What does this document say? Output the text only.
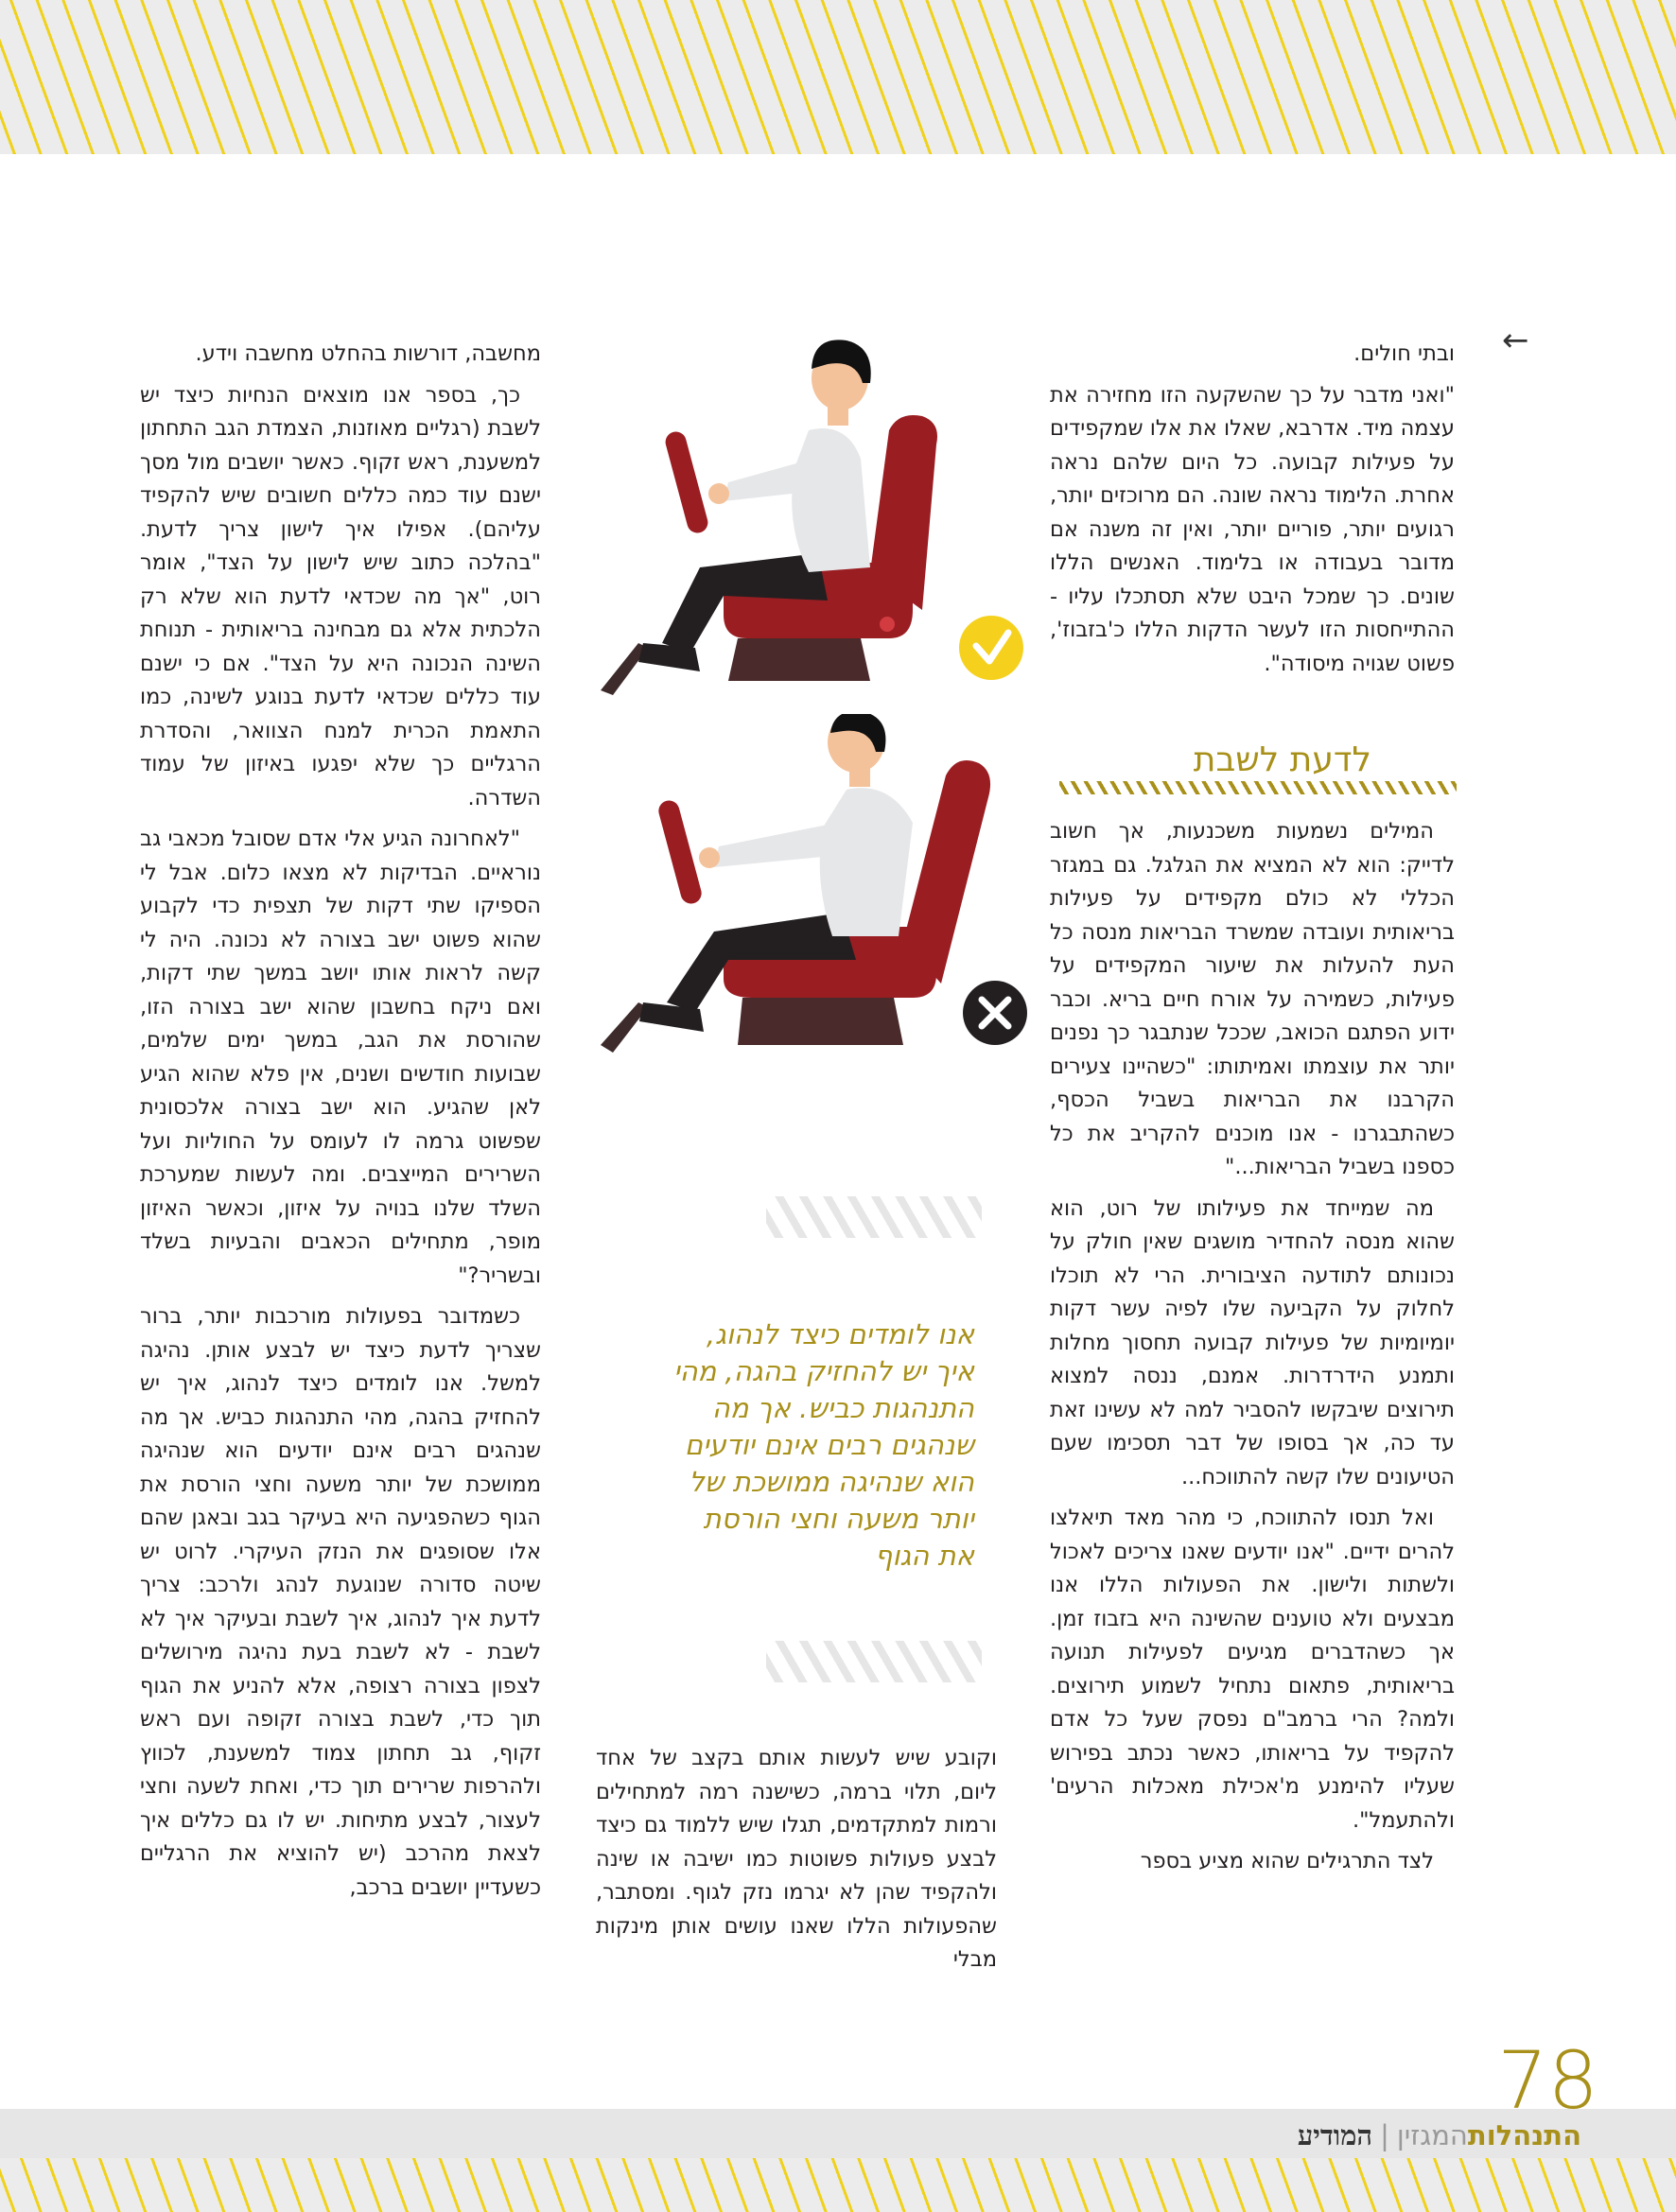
←

ובתי חולים.

"ואני מדבר על כך שהשקעה הזו מחזירה את עצמה מיד. אדרבא, שאלו את אלו שמקפידים על פעילות קבועה. כל היום שלהם נראה אחרת. הלימוד נראה שונה. הם מרוכזים יותר, רגועים יותר, פוריים יותר, ואין זה משנה אם מדובר בעבודה או בלימוד. האנשים הללו שונים. כך שמכל היבט שלא תסתכלו עליו - ההתייחסות הזו לעשר הדקות הללו כ'בזבוז', פשוט שגויה מיסודה".

לדעת לשבת

המילים נשמעות משכנעות, אך חשוב לדייק: הוא לא המציא את הגלגל. גם במגזר הכללי לא כולם מקפידים על פעילות בריאותית ועובדה שמשרד הבריאות מנסה כל העת להעלות את שיעור המקפידים על פעילות, כשמירה על אורח חיים בריא. וכבר ידוע הפתגם הכואב, שככל שנתבגר כך נפנים יותר את עוצמתו ואמיתותו: "כשהיינו צעירים הקרבנו את הבריאות בשביל הכסף, כשהתבגרנו - אנו מוכנים להקריב את כל כספנו בשביל הבריאות..."

מה שמייחד את פעילותו של רוט, הוא שהוא מנסה להחדיר מושגים שאין חולק על נכונותם לתודעה הציבורית. הרי לא תוכלו לחלוק על הקביעה שלו לפיה עשר דקות יומיומיות של פעילות קבועה תחסוך מחלות ותמנע הידרדרות. אמנם, ננסה למצוא תירוצים שיבקשו להסביר למה לא עשינו זאת עד כה, אך בסופו של דבר תסכימו שעם הטיעונים שלו קשה להתווכח...

ואל תנסו להתווכח, כי מהר מאד תיאלצו להרים ידיים. "אנו יודעים שאנו צריכים לאכול ולשתות ולישון. את הפעולות הללו אנו מבצעים ולא טוענים שהשינה היא בזבוז זמן. אך כשהדברים מגיעים לפעילות תנועה בריאותית, פתאום נתחיל לשמוע תירוצים. ולמה? הרי ברמב"ם נפסק שעל כל אדם להקפיד על בריאותו, כאשר נכתב בפירוש שעליו להימנע מ'אכילת מאכלות הרעים' ולהתעמל".

לצד התרגילים שהוא מציע בספר

מחשבה, דורשות בהחלט מחשבה וידע.

כך, בספר אנו מוצאים הנחיות כיצד יש לשבת (רגליים מאוזנות, הצמדת הגב התחתון למשענת, ראש זקוף. כאשר יושבים מול מסך ישנם עוד כמה כללים חשובים שיש להקפיד עליהם). אפילו איך לישון צריך לדעת. "בהלכה כתוב שיש לישון על הצד", אומר רוט, "אך מה שכדאי לדעת הוא שלא רק הלכתית אלא גם מבחינה בריאותית - תנוחת השינה הנכונה היא על הצד". אם כי ישנם עוד כללים שכדאי לדעת בנוגע לשינה, כמו התאמת הכרית למנח הצוואר, והסדרת הרגליים כך שלא יפגעו באיזון של עמוד השדרה.

"לאחרונה הגיע אלי אדם שסובל מכאבי גב נוראיים. הבדיקות לא מצאו כלום. אבל לי הספיקו שתי דקות של תצפית כדי לקבוע שהוא פשוט ישב בצורה לא נכונה. היה לי קשה לראות אותו יושב במשך שתי דקות, ואם ניקח בחשבון שהוא ישב בצורה הזו, שהורסת את הגב, במשך ימים שלמים, שבועות חודשים ושנים, אין פלא שהוא הגיע לאן שהגיע. הוא ישב בצורה אלכסונית שפשוט גרמה לו לעומס על החוליות ועל השרירים המייצבים. ומה לעשות שמערכת השלד שלנו בנויה על איזון, וכאשר האיזון מופר, מתחילים הכאבים והבעיות בשלד ובשריר?"

כשמדובר בפעולות מורכבות יותר, ברור שצריך לדעת כיצד יש לבצע אותן. נהיגה למשל. אנו לומדים כיצד לנהוג, איך יש להחזיק בהגה, מהי התנהגות כביש. אך מה שנהגים רבים אינם יודעים הוא שנהיגה ממושכת של יותר משעה וחצי הורסת את הגוף כשהפגיעה היא בעיקר בגב ובאגן שהם אלו שסופגים את הנזק העיקרי. לרוט יש שיטה סדורה שנוגעת לנהג ולרכב: צריך לדעת איך לנהוג, איך לשבת ובעיקר איך לא לשבת - לא לשבת בעת נהיגה מירושלים לצפון בצורה רצופה, אלא להניע את הגוף תוך כדי, לשבת בצורה זקופה ועם ראש זקוף, גב תחתון צמוד למשענת, לכווץ ולהרפות שרירים תוך כדי, ואחת לשעה וחצי לעצור, לבצע מתיחות. יש לו גם כללים איך לצאת מהרכב (יש להוציא את הרגליים כשעדיין יושבים ברכב,

וקובע שיש לעשות אותם בקצב של אחד ליום, תלוי ברמה, כשישנה רמה למתחילים ורמות למתקדמים, תגלו שיש ללמוד גם כיצד לבצע פעולות פשוטות כמו ישיבה או שינה ולהקפיד שהן לא יגרמו נזק לגוף. ומסתבר, שהפעולות הללו שאנו עושים אותן מינקות מבלי

אנו לומדים כיצד לנהוג, איך יש להחזיק בהגה, מהי התנהגות כביש. אך מה שנהגים רבים אינם יודעים הוא שנהיגה ממושכת של יותר משעה וחצי הורסת את הגוף
78
התנהלותהמגזין|המודיע
